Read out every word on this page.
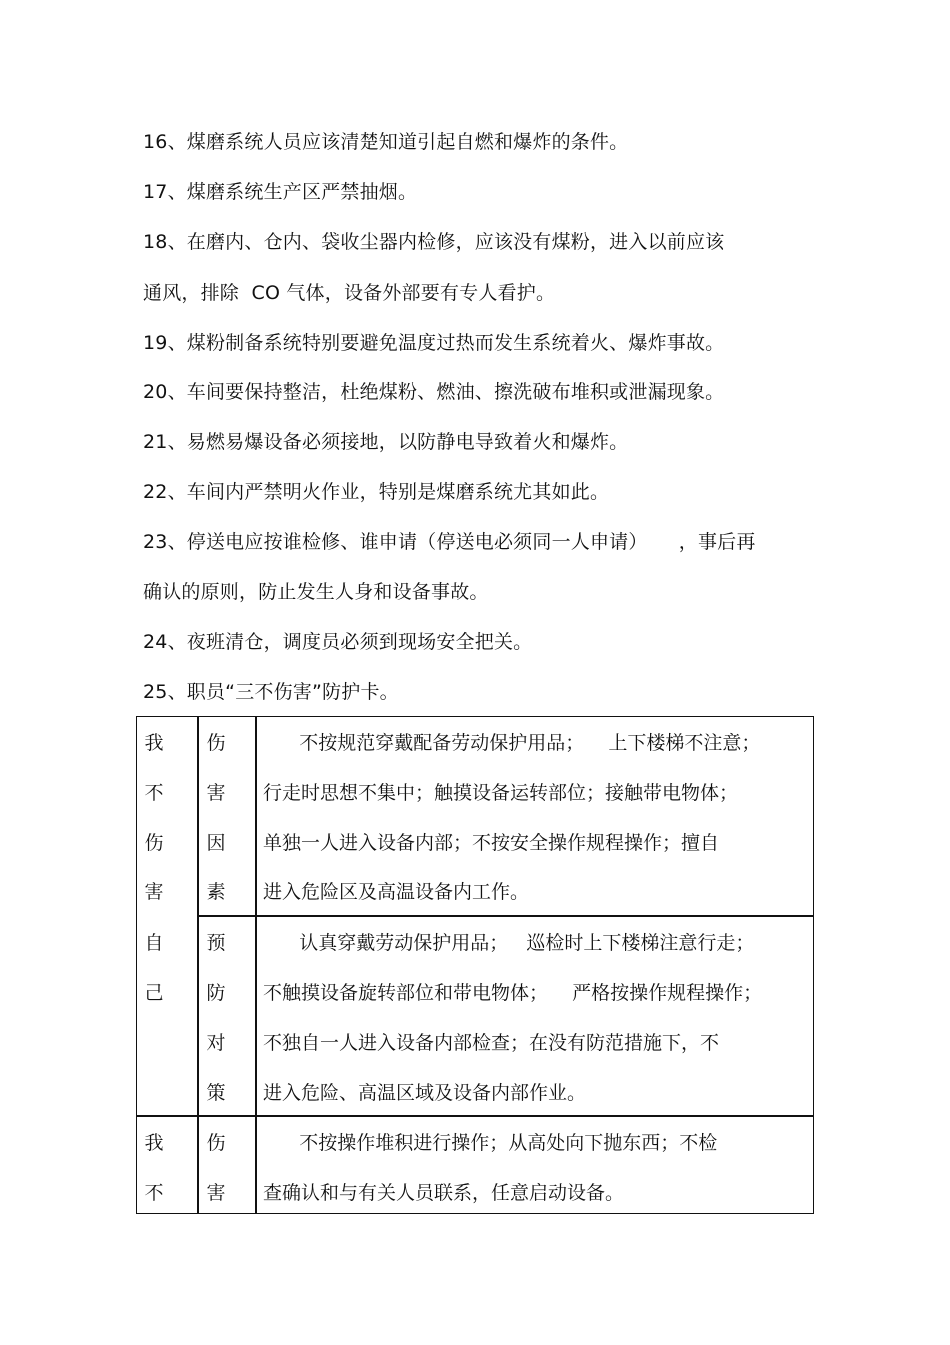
16、煤磨系统人员应该清楚知道引起自燃和爆炸的条件。
17、煤磨系统生产区严禁抽烟。
18、在磨内、仓内、袋收尘器内检修，应该没有煤粉，进入以前应该
通风，排除  CO 气体，设备外部要有专人看护。
19、煤粉制备系统特别要避免温度过热而发生系统着火、爆炸事故。
20、车间要保持整洁，杜绝煤粉、燃油、擦洗破布堆积或泄漏现象。
21、易燃易爆设备必须接地，以防静电导致着火和爆炸。
22、车间内严禁明火作业，特别是煤磨系统尤其如此。
23、停送电应按谁检修、谁申请（停送电必须同一人申请）     ，事后再
确认的原则，防止发生人身和设备事故。
24、夜班清仓，调度员必须到现场安全把关。
25、职员“三不伤害”防护卡。
我
不
伤
害
自
己
伤
害
因
素
不按规范穿戴配备劳动保护用品；    上下楼梯不注意；
行走时思想不集中；触摸设备运转部位；接触带电物体；
单独一人进入设备内部；不按安全操作规程操作；擅自
进入危险区及高温设备内工作。
预
防
对
策
认真穿戴劳动保护用品；   巡检时上下楼梯注意行走；
不触摸设备旋转部位和带电物体；    严格按操作规程操作；
不独自一人进入设备内部检查；在没有防范措施下，不
进入危险、高温区域及设备内部作业。
我
不
伤
害
不按操作堆积进行操作；从高处向下抛东西；不检
查确认和与有关人员联系，任意启动设备。
